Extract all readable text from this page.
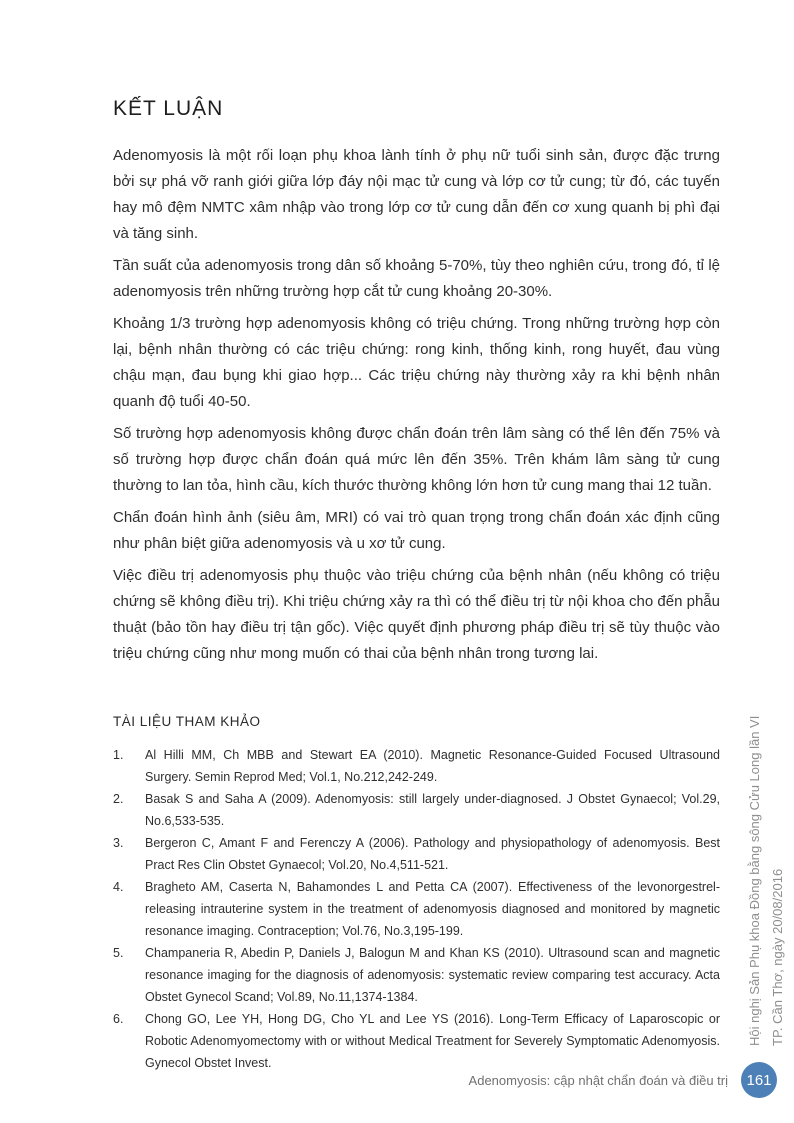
KẾT LUẬN

Adenomyosis là một rối loạn phụ khoa lành tính ở phụ nữ tuổi sinh sản, được đặc trưng bởi sự phá vỡ ranh giới giữa lớp đáy nội mạc tử cung và lớp cơ tử cung; từ đó, các tuyến hay mô đệm NMTC xâm nhập vào trong lớp cơ tử cung dẫn đến cơ xung quanh bị phì đại và tăng sinh.

Tần suất của adenomyosis trong dân số khoảng 5-70%, tùy theo nghiên cứu, trong đó, tỉ lệ adenomyosis trên những trường hợp cắt tử cung khoảng 20-30%.

Khoảng 1/3 trường hợp adenomyosis không có triệu chứng. Trong những trường hợp còn lại, bệnh nhân thường có các triệu chứng: rong kinh, thống kinh, rong huyết, đau vùng chậu mạn, đau bụng khi giao hợp... Các triệu chứng này thường xảy ra khi bệnh nhân quanh độ tuổi 40-50.

Số trường hợp adenomyosis không được chẩn đoán trên lâm sàng có thể lên đến 75% và số trường hợp được chẩn đoán quá mức lên đến 35%. Trên khám lâm sàng tử cung thường to lan tỏa, hình cầu, kích thước thường không lớn hơn tử cung mang thai 12 tuần.

Chẩn đoán hình ảnh (siêu âm, MRI) có vai trò quan trọng trong chẩn đoán xác định cũng như phân biệt giữa adenomyosis và u xơ tử cung.

Việc điều trị adenomyosis phụ thuộc vào triệu chứng của bệnh nhân (nếu không có triệu chứng sẽ không điều trị). Khi triệu chứng xảy ra thì có thể điều trị từ nội khoa cho đến phẫu thuật (bảo tồn hay điều trị tận gốc). Việc quyết định phương pháp điều trị sẽ tùy thuộc vào triệu chứng cũng như mong muốn có thai của bệnh nhân trong tương lai.

TÀI LIỆU THAM KHẢO
1.	Al Hilli MM, Ch MBB and Stewart EA (2010). Magnetic Resonance-Guided Focused Ultrasound Surgery. Semin Reprod Med; Vol.1, No.212,242-249.
2.	Basak S and Saha A (2009). Adenomyosis: still largely under-diagnosed. J Obstet Gynaecol; Vol.29, No.6,533-535.
3.	Bergeron C, Amant F and Ferenczy A (2006). Pathology and physiopathology of adenomyosis. Best Pract Res Clin Obstet Gynaecol; Vol.20, No.4,511-521.
4.	Bragheto AM, Caserta N, Bahamondes L and Petta CA (2007). Effectiveness of the levonorgestrel-releasing intrauterine system in the treatment of adenomyosis diagnosed and monitored by magnetic resonance imaging. Contraception; Vol.76, No.3,195-199.
5.	Champaneria R, Abedin P, Daniels J, Balogun M and Khan KS (2010). Ultrasound scan and magnetic resonance imaging for the diagnosis of adenomyosis: systematic review comparing test accuracy. Acta Obstet Gynecol Scand; Vol.89, No.11,1374-1384.
6.	Chong GO, Lee YH, Hong DG, Cho YL and Lee YS (2016). Long-Term Efficacy of Laparoscopic or Robotic Adenomyomectomy with or without Medical Treatment for Severely Symptomatic Adenomyosis. Gynecol Obstet Invest.
Hội nghị Sản Phụ khoa Đồng bằng sông Cửu Long lần VI TP. Cần Thơ, ngày 20/08/2016
Adenomyosis: cập nhật chẩn đoán và điều trị 161
